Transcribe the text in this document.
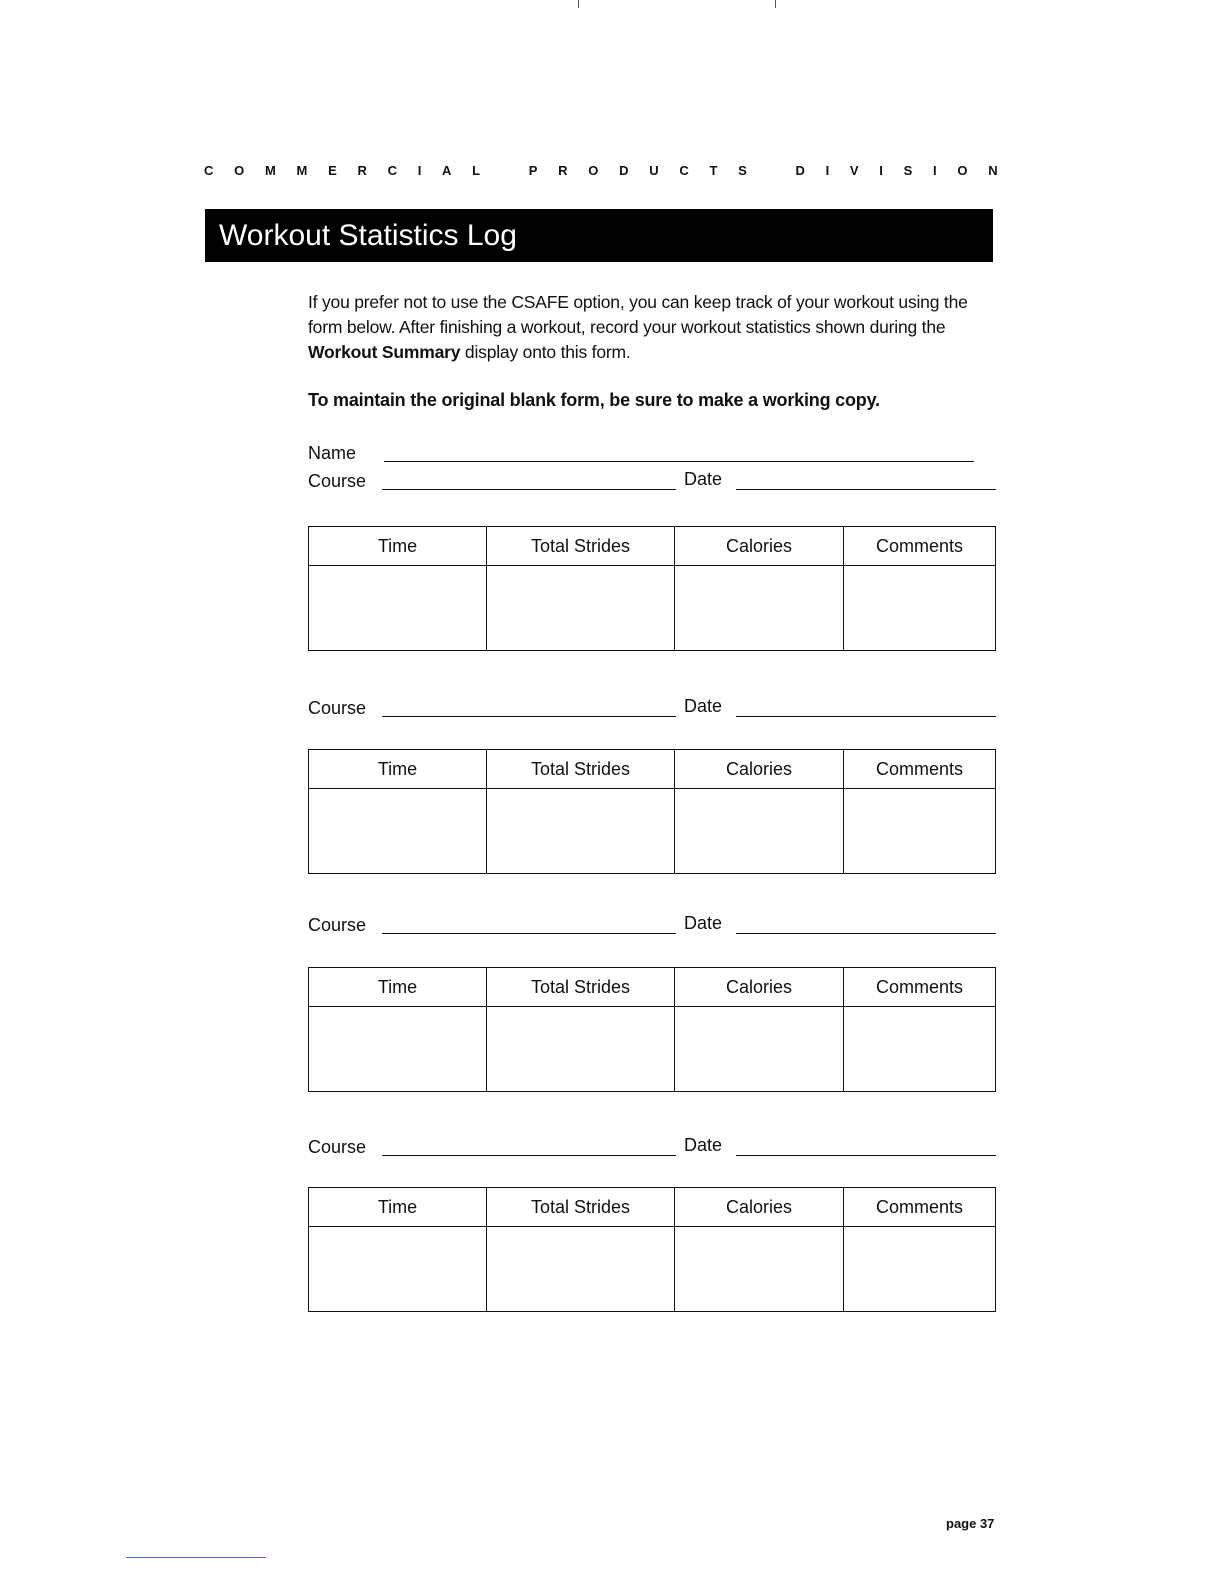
C O M M E R C I A L
	P R O D U C T S
	D I V I S I O N
Workout Statistics Log
If you prefer not to use the CSAFE option, you can keep track of your workout using the form below. After finishing a workout, record your workout statistics shown during the Workout Summary display onto this form.
To maintain the original blank form, be sure to make a working copy.
Name
Course	Date
Time	Total Strides	Calories	Comments

Course	Date
Time	Total Strides	Calories	Comments

Course	Date
Time	Total Strides	Calories	Comments

Course	Date
Time	Total Strides	Calories	Comments

page 37
